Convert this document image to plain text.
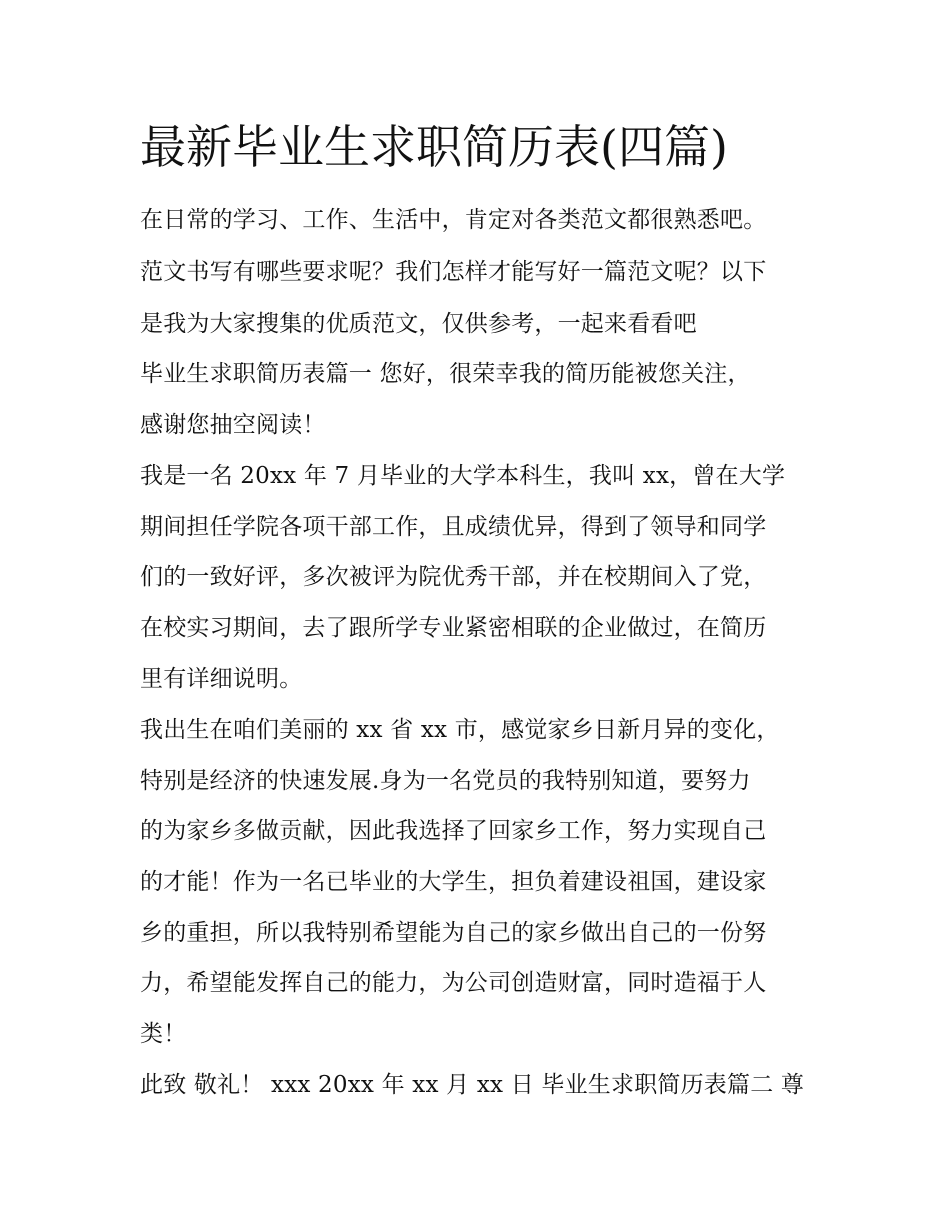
最新毕业生求职简历表(四篇)

在日常的学习、工作、生活中，肯定对各类范文都很熟悉吧。

范文书写有哪些要求呢？我们怎样才能写好一篇范文呢？以下

是我为大家搜集的优质范文，仅供参考，一起来看看吧

毕业生求职简历表篇一 您好，很荣幸我的简历能被您关注，

感谢您抽空阅读！

我是一名 20xx 年 7 月毕业的大学本科生，我叫 xx，曾在大学

期间担任学院各项干部工作，且成绩优异，得到了领导和同学

们的一致好评，多次被评为院优秀干部，并在校期间入了党，

在校实习期间，去了跟所学专业紧密相联的企业做过，在简历

里有详细说明。

我出生在咱们美丽的 xx 省 xx 市，感觉家乡日新月异的变化，

特别是经济的快速发展.身为一名党员的我特别知道，要努力

的为家乡多做贡献，因此我选择了回家乡工作，努力实现自己

的才能！作为一名已毕业的大学生，担负着建设祖国，建设家

乡的重担，所以我特别希望能为自己的家乡做出自己的一份努

力，希望能发挥自己的能力，为公司创造财富，同时造福于人

类！

此致 敬礼！ xxx 20xx 年 xx 月 xx 日 毕业生求职简历表篇二 尊
